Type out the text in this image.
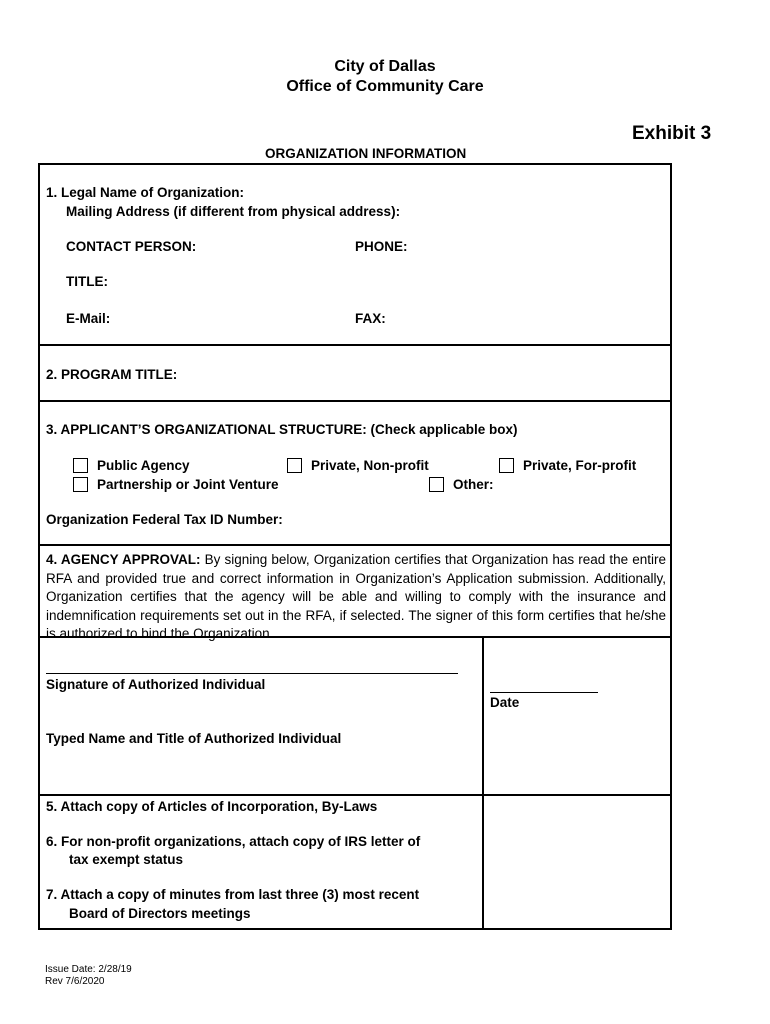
City of Dallas
Office of Community Care
Exhibit 3
ORGANIZATION INFORMATION
1. Legal Name of Organization:
Mailing Address (if different from physical address):
CONTACT PERSON:	PHONE:
TITLE:
E-Mail:	FAX:
2. PROGRAM TITLE:
3. APPLICANT’S ORGANIZATIONAL STRUCTURE: (Check applicable box)
Public Agency	Private, Non-profit	Private, For-profit
Partnership or Joint Venture	Other:
Organization Federal Tax ID Number:
4. AGENCY APPROVAL: By signing below, Organization certifies that Organization has read the entire RFA and provided true and correct information in Organization’s Application submission. Additionally, Organization certifies that the agency will be able and willing to comply with the insurance and indemnification requirements set out in the RFA, if selected. The signer of this form certifies that he/she is authorized to bind the Organization.
Signature of Authorized Individual
Date
Typed Name and Title of Authorized Individual
5. Attach copy of Articles of Incorporation, By-Laws
6. For non-profit organizations, attach copy of IRS letter of
tax exempt status
7. Attach a copy of minutes from last three (3) most recent
Board of Directors meetings
Issue Date: 2/28/19
Rev 7/6/2020
